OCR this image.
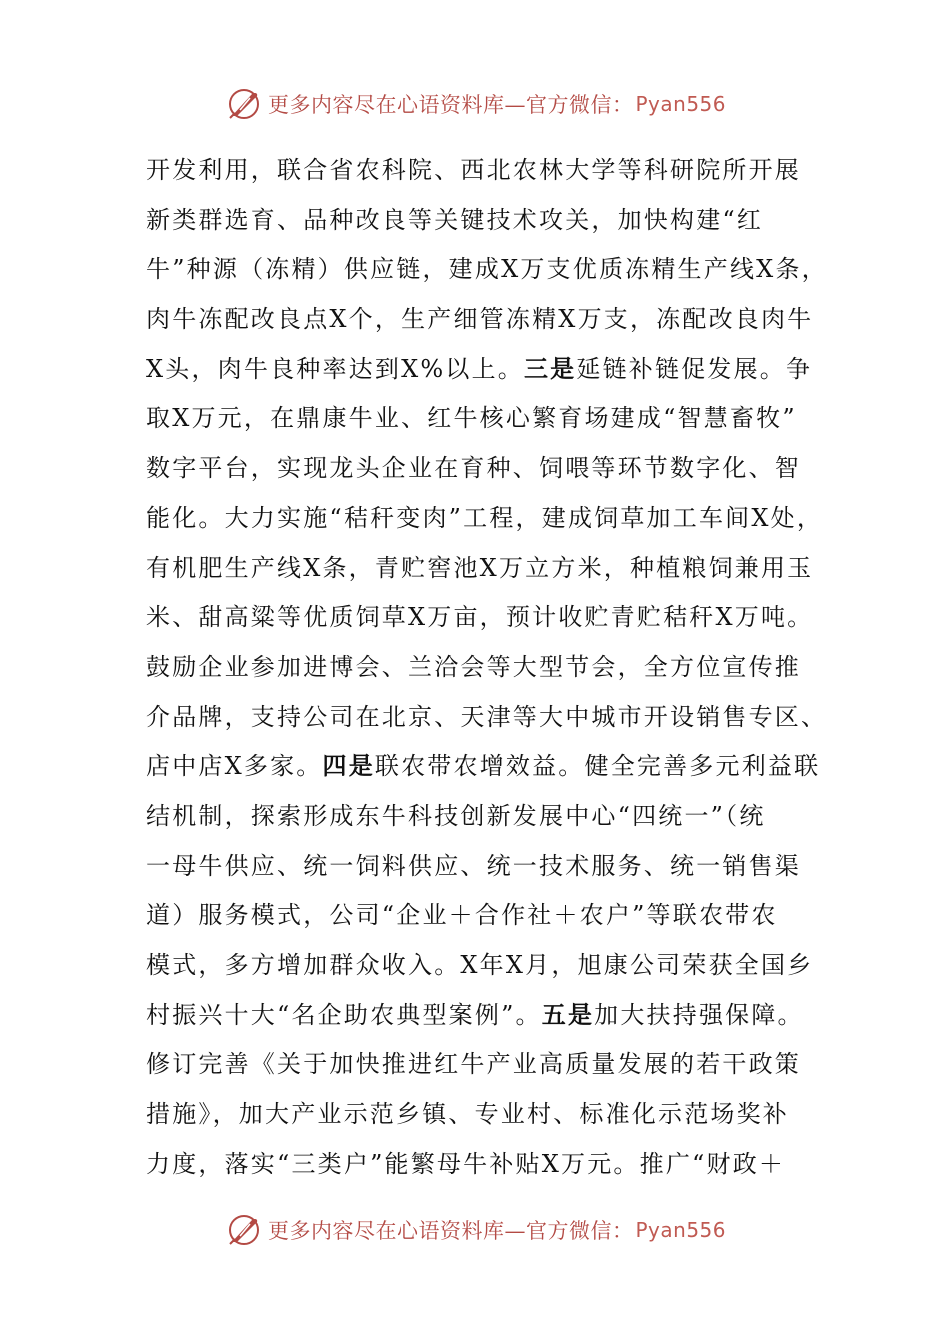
更多内容尽在心语资料库—官方微信： Pyan556
开发利用，联合省农科院、西北农林大学等科研院所开展
新类群选育、品种改良等关键技术攻关，加快构建“红
牛”种源（冻精）供应链，建成X万支优质冻精生产线X条，
肉牛冻配改良点X个，生产细管冻精X万支，冻配改良肉牛
X头，肉牛良种率达到X%以上。三是延链补链促发展。争
取X万元，在鼎康牛业、红牛核心繁育场建成“智慧畜牧”
数字平台，实现龙头企业在育种、饲喂等环节数字化、智
能化。大力实施“秸秆变肉”工程，建成饲草加工车间X处，
有机肥生产线X条，青贮窖池X万立方米，种植粮饲兼用玉
米、甜高粱等优质饲草X万亩，预计收贮青贮秸秆X万吨。
鼓励企业参加进博会、兰洽会等大型节会，全方位宣传推
介品牌，支持公司在北京、天津等大中城市开设销售专区、
店中店X多家。四是联农带农增效益。健全完善多元利益联
结机制，探索形成东牛科技创新发展中心“四统一”（统
一母牛供应、统一饲料供应、统一技术服务、统一销售渠
道）服务模式，公司“企业＋合作社＋农户”等联农带农
模式，多方增加群众收入。X年X月，旭康公司荣获全国乡
村振兴十大“名企助农典型案例”。五是加大扶持强保障。
修订完善《关于加快推进红牛产业高质量发展的若干政策
措施》，加大产业示范乡镇、专业村、标准化示范场奖补
力度，落实“三类户”能繁母牛补贴X万元。推广“财政＋
更多内容尽在心语资料库—官方微信： Pyan556
